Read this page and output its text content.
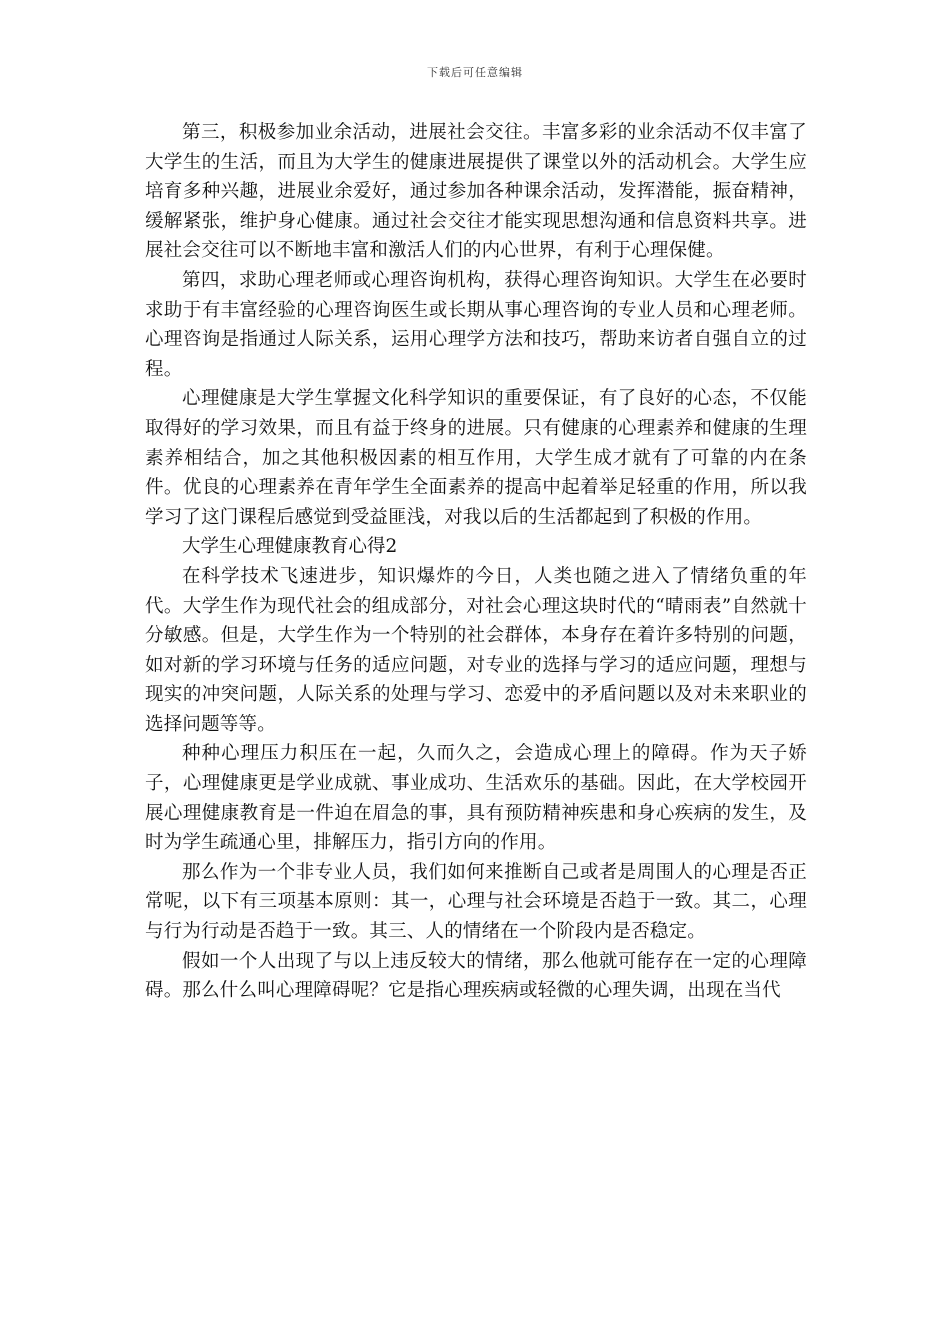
下载后可任意编辑

第三，积极参加业余活动，进展社会交往。丰富多彩的业余活动不仅丰富了大学生的生活，而且为大学生的健康进展提供了课堂以外的活动机会。大学生应培育多种兴趣，进展业余爱好，通过参加各种课余活动，发挥潜能，振奋精神，缓解紧张，维护身心健康。通过社会交往才能实现思想沟通和信息资料共享。进展社会交往可以不断地丰富和激活人们的内心世界，有利于心理保健。

第四，求助心理老师或心理咨询机构，获得心理咨询知识。大学生在必要时求助于有丰富经验的心理咨询医生或长期从事心理咨询的专业人员和心理老师。心理咨询是指通过人际关系，运用心理学方法和技巧，帮助来访者自强自立的过程。

心理健康是大学生掌握文化科学知识的重要保证，有了良好的心态，不仅能取得好的学习效果，而且有益于终身的进展。只有健康的心理素养和健康的生理素养相结合，加之其他积极因素的相互作用，大学生成才就有了可靠的内在条件。优良的心理素养在青年学生全面素养的提高中起着举足轻重的作用，所以我学习了这门课程后感觉到受益匪浅，对我以后的生活都起到了积极的作用。

大学生心理健康教育心得2

在科学技术飞速进步，知识爆炸的今日，人类也随之进入了情绪负重的年代。大学生作为现代社会的组成部分，对社会心理这块时代的“晴雨表”自然就十分敏感。但是，大学生作为一个特别的社会群体，本身存在着许多特别的问题，如对新的学习环境与任务的适应问题，对专业的选择与学习的适应问题，理想与现实的冲突问题，人际关系的处理与学习、恋爱中的矛盾问题以及对未来职业的选择问题等等。

种种心理压力积压在一起，久而久之，会造成心理上的障碍。作为天子娇子，心理健康更是学业成就、事业成功、生活欢乐的基础。因此，在大学校园开展心理健康教育是一件迫在眉急的事，具有预防精神疾患和身心疾病的发生，及时为学生疏通心里，排解压力，指引方向的作用。

那么作为一个非专业人员，我们如何来推断自己或者是周围人的心理是否正常呢，以下有三项基本原则：其一，心理与社会环境是否趋于一致。其二，心理与行为行动是否趋于一致。其三、人的情绪在一个阶段内是否稳定。

假如一个人出现了与以上违反较大的情绪，那么他就可能存在一定的心理障碍。那么什么叫心理障碍呢？它是指心理疾病或轻微的心理失调，出现在当代
